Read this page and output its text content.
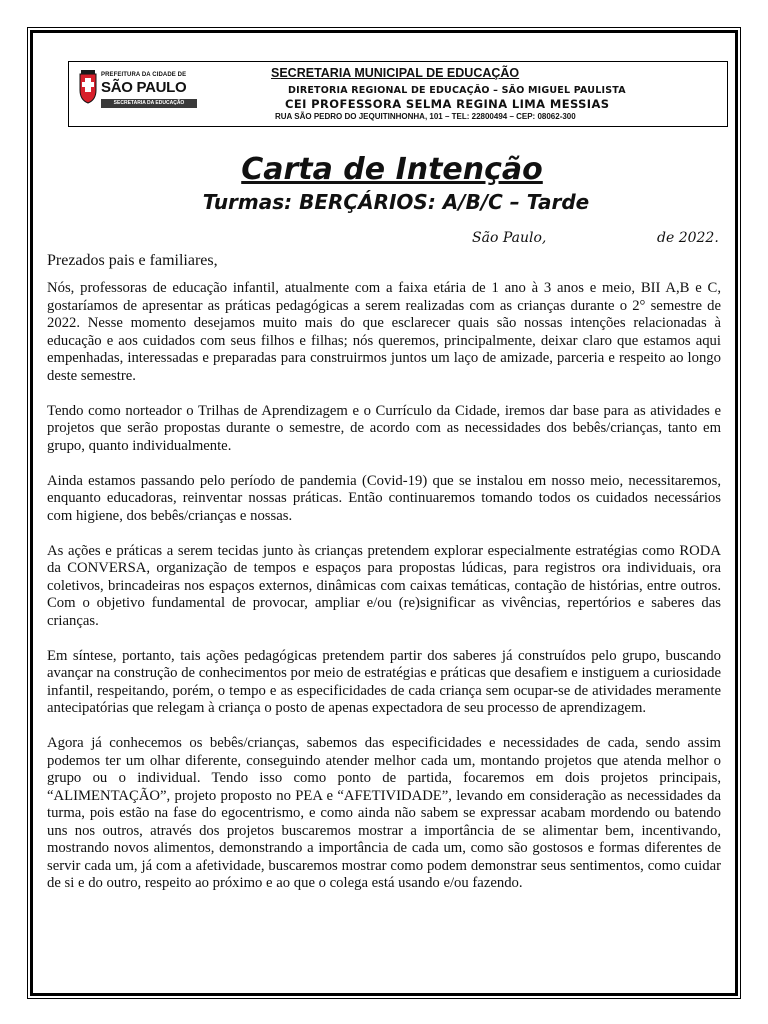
PREFEITURA DA CIDADE DE
SÃO PAULO
SECRETARIA DA EDUCAÇÃO
SECRETARIA MUNICIPAL DE EDUCAÇÃO
DIRETORIA REGIONAL DE EDUCAÇÃO – SÃO MIGUEL PAULISTA
CEI PROFESSORA SELMA REGINA LIMA MESSIAS
RUA SÃO PEDRO DO JEQUITINHONHA, 101 – TEL: 22800494 – CEP: 08062-300
Carta de Intenção
Turmas: BERÇÁRIOS: A/B/C – Tarde
São Paulo,	de 2022.
Prezados pais e familiares,

Nós, professoras de educação infantil, atualmente com a faixa etária de 1 ano à 3 anos e meio, BII A,B e C, gostaríamos de apresentar as práticas pedagógicas a serem realizadas com as crianças durante o 2° semestre de 2022. Nesse momento desejamos muito mais do que esclarecer quais são nossas intenções relacionadas à educação e aos cuidados com seus filhos e filhas; nós queremos, principalmente, deixar claro que estamos aqui empenhadas, interessadas e preparadas para construirmos juntos um laço de amizade, parceria e respeito ao longo deste semestre.

Tendo como norteador o Trilhas de Aprendizagem e o Currículo da Cidade, iremos dar base para as atividades e projetos que serão propostas durante o semestre, de acordo com as necessidades dos bebês/crianças, tanto em grupo, quanto individualmente.

Ainda estamos passando pelo período de pandemia (Covid-19) que se instalou em nosso meio, necessitaremos, enquanto educadoras, reinventar nossas práticas. Então continuaremos tomando todos os cuidados necessários com higiene, dos bebês/crianças e nossas.

As ações e práticas a serem tecidas junto às crianças pretendem explorar especialmente estratégias como RODA da CONVERSA, organização de tempos e espaços para propostas lúdicas, para registros ora individuais, ora coletivos, brincadeiras nos espaços externos, dinâmicas com caixas temáticas, contação de histórias, entre outros. Com o objetivo fundamental de provocar, ampliar e/ou (re)significar as vivências, repertórios e saberes das crianças.

Em síntese, portanto, tais ações pedagógicas pretendem partir dos saberes já construídos pelo grupo, buscando avançar na construção de conhecimentos por meio de estratégias e práticas que desafiem e instiguem a curiosidade infantil, respeitando, porém, o tempo e as especificidades de cada criança sem ocupar-se de atividades meramente antecipatórias que relegam à criança o posto de apenas expectadora de seu processo de aprendizagem.

Agora já conhecemos os bebês/crianças, sabemos das especificidades e necessidades de cada, sendo assim podemos ter um olhar diferente, conseguindo atender melhor cada um, montando projetos que atenda melhor o grupo ou o individual. Tendo isso como ponto de partida, focaremos em dois projetos principais, “ALIMENTAÇÃO”, projeto proposto no PEA e “AFETIVIDADE”, levando em consideração as necessidades da turma, pois estão na fase do egocentrismo, e como ainda não sabem se expressar acabam mordendo ou batendo uns nos outros, através dos projetos buscaremos mostrar a importância de se alimentar bem, incentivando, mostrando novos alimentos, demonstrando a importância de cada um, como são gostosos e formas diferentes de servir cada um, já com a afetividade, buscaremos mostrar como podem demonstrar seus sentimentos, como cuidar de si e do outro, respeito ao próximo e ao que o colega está usando e/ou fazendo.
